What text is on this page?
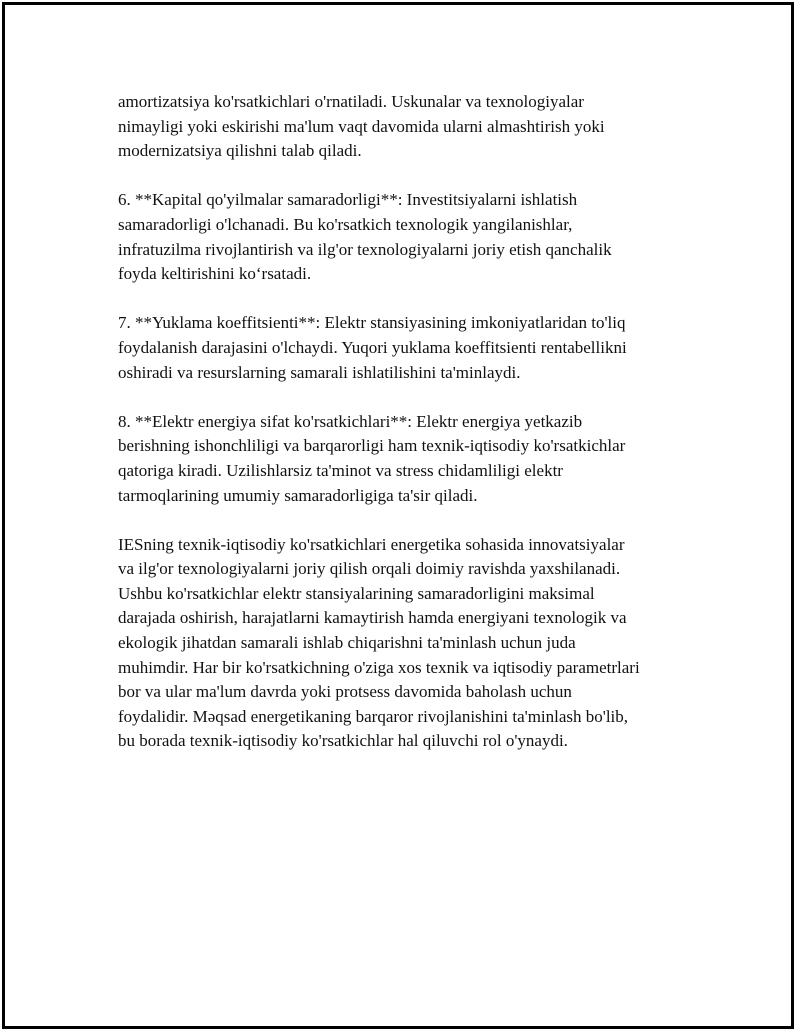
amortizatsiya ko'rsatkichlari o'rnatiladi. Uskunalar va texnologiyalar
nimayligi yoki eskirishi ma'lum vaqt davomida ularni almashtirish yoki
modernizatsiya qilishni talab qiladi.

6. **Kapital qo'yilmalar samaradorligi**: Investitsiyalarni ishlatish
samaradorligi o'lchanadi. Bu ko'rsatkich texnologik yangilanishlar,
infratuzilma rivojlantirish va ilg'or texnologiyalarni joriy etish qanchalik
foyda keltirishini ko‘rsatadi.

7. **Yuklama koeffitsienti**: Elektr stansiyasining imkoniyatlaridan to'liq
foydalanish darajasini o'lchaydi. Yuqori yuklama koeffitsienti rentabellikni
oshiradi va resurslarning samarali ishlatilishini ta'minlaydi.

8. **Elektr energiya sifat ko'rsatkichlari**: Elektr energiya yetkazib
berishning ishonchliligi va barqarorligi ham texnik-iqtisodiy ko'rsatkichlar
qatoriga kiradi. Uzilishlarsiz ta'minot va stress chidamliligi elektr
tarmoqlarining umumiy samaradorligiga ta'sir qiladi.

IESning texnik-iqtisodiy ko'rsatkichlari energetika sohasida innovatsiyalar
va ilg'or texnologiyalarni joriy qilish orqali doimiy ravishda yaxshilanadi.
Ushbu ko'rsatkichlar elektr stansiyalarining samaradorligini maksimal
darajada oshirish, harajatlarni kamaytirish hamda energiyani texnologik va
ekologik jihatdan samarali ishlab chiqarishni ta'minlash uchun juda
muhimdir. Har bir ko'rsatkichning o'ziga xos texnik va iqtisodiy parametrlari
bor va ular ma'lum davrda yoki protsess davomida baholash uchun
foydalidir. Məqsad energetikaning barqaror rivojlanishini ta'minlash bo'lib,
bu borada texnik-iqtisodiy ko'rsatkichlar hal qiluvchi rol o'ynaydi.
